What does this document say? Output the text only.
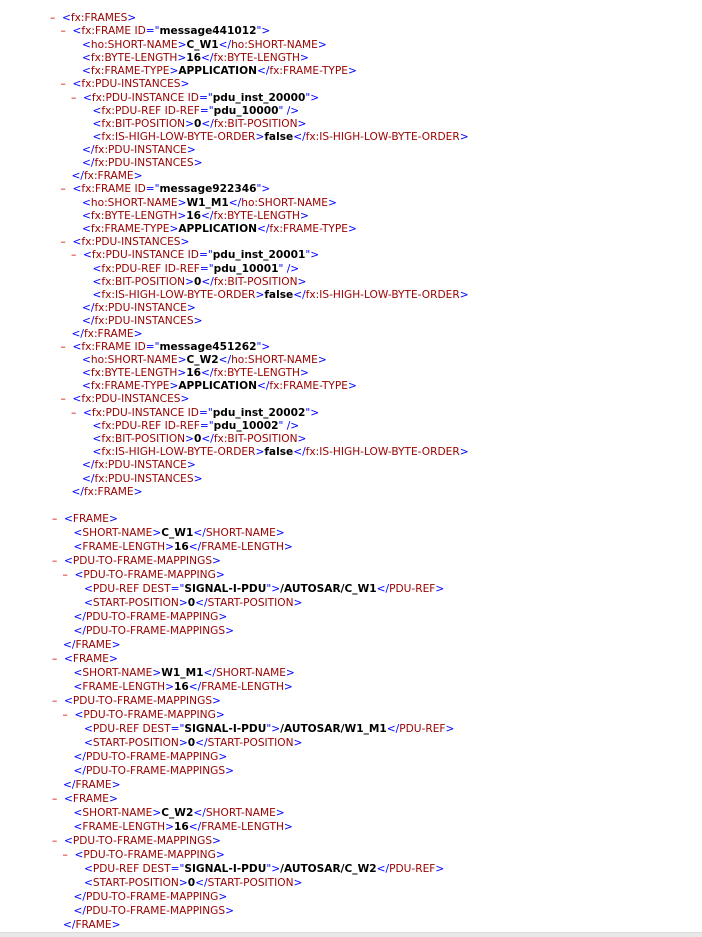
– <fx:FRAMES>
– <fx:FRAME ID="message441012">
<ho:SHORT-NAME>C_W1</ho:SHORT-NAME>
<fx:BYTE-LENGTH>16</fx:BYTE-LENGTH>
<fx:FRAME-TYPE>APPLICATION</fx:FRAME-TYPE>
– <fx:PDU-INSTANCES>
– <fx:PDU-INSTANCE ID="pdu_inst_20000">
<fx:PDU-REF ID-REF="pdu_10000" />
<fx:BIT-POSITION>0</fx:BIT-POSITION>
<fx:IS-HIGH-LOW-BYTE-ORDER>false</fx:IS-HIGH-LOW-BYTE-ORDER>
</fx:PDU-INSTANCE>
</fx:PDU-INSTANCES>
</fx:FRAME>
– <fx:FRAME ID="message922346">
<ho:SHORT-NAME>W1_M1</ho:SHORT-NAME>
<fx:BYTE-LENGTH>16</fx:BYTE-LENGTH>
<fx:FRAME-TYPE>APPLICATION</fx:FRAME-TYPE>
– <fx:PDU-INSTANCES>
– <fx:PDU-INSTANCE ID="pdu_inst_20001">
<fx:PDU-REF ID-REF="pdu_10001" />
<fx:BIT-POSITION>0</fx:BIT-POSITION>
<fx:IS-HIGH-LOW-BYTE-ORDER>false</fx:IS-HIGH-LOW-BYTE-ORDER>
</fx:PDU-INSTANCE>
</fx:PDU-INSTANCES>
</fx:FRAME>
– <fx:FRAME ID="message451262">
<ho:SHORT-NAME>C_W2</ho:SHORT-NAME>
<fx:BYTE-LENGTH>16</fx:BYTE-LENGTH>
<fx:FRAME-TYPE>APPLICATION</fx:FRAME-TYPE>
– <fx:PDU-INSTANCES>
– <fx:PDU-INSTANCE ID="pdu_inst_20002">
<fx:PDU-REF ID-REF="pdu_10002" />
<fx:BIT-POSITION>0</fx:BIT-POSITION>
<fx:IS-HIGH-LOW-BYTE-ORDER>false</fx:IS-HIGH-LOW-BYTE-ORDER>
</fx:PDU-INSTANCE>
</fx:PDU-INSTANCES>
</fx:FRAME>
– <FRAME>
<SHORT-NAME>C_W1</SHORT-NAME>
<FRAME-LENGTH>16</FRAME-LENGTH>
– <PDU-TO-FRAME-MAPPINGS>
– <PDU-TO-FRAME-MAPPING>
<PDU-REF DEST="SIGNAL-I-PDU">/AUTOSAR/C_W1</PDU-REF>
<START-POSITION>0</START-POSITION>
</PDU-TO-FRAME-MAPPING>
</PDU-TO-FRAME-MAPPINGS>
</FRAME>
– <FRAME>
<SHORT-NAME>W1_M1</SHORT-NAME>
<FRAME-LENGTH>16</FRAME-LENGTH>
– <PDU-TO-FRAME-MAPPINGS>
– <PDU-TO-FRAME-MAPPING>
<PDU-REF DEST="SIGNAL-I-PDU">/AUTOSAR/W1_M1</PDU-REF>
<START-POSITION>0</START-POSITION>
</PDU-TO-FRAME-MAPPING>
</PDU-TO-FRAME-MAPPINGS>
</FRAME>
– <FRAME>
<SHORT-NAME>C_W2</SHORT-NAME>
<FRAME-LENGTH>16</FRAME-LENGTH>
– <PDU-TO-FRAME-MAPPINGS>
– <PDU-TO-FRAME-MAPPING>
<PDU-REF DEST="SIGNAL-I-PDU">/AUTOSAR/C_W2</PDU-REF>
<START-POSITION>0</START-POSITION>
</PDU-TO-FRAME-MAPPING>
</PDU-TO-FRAME-MAPPINGS>
</FRAME>
